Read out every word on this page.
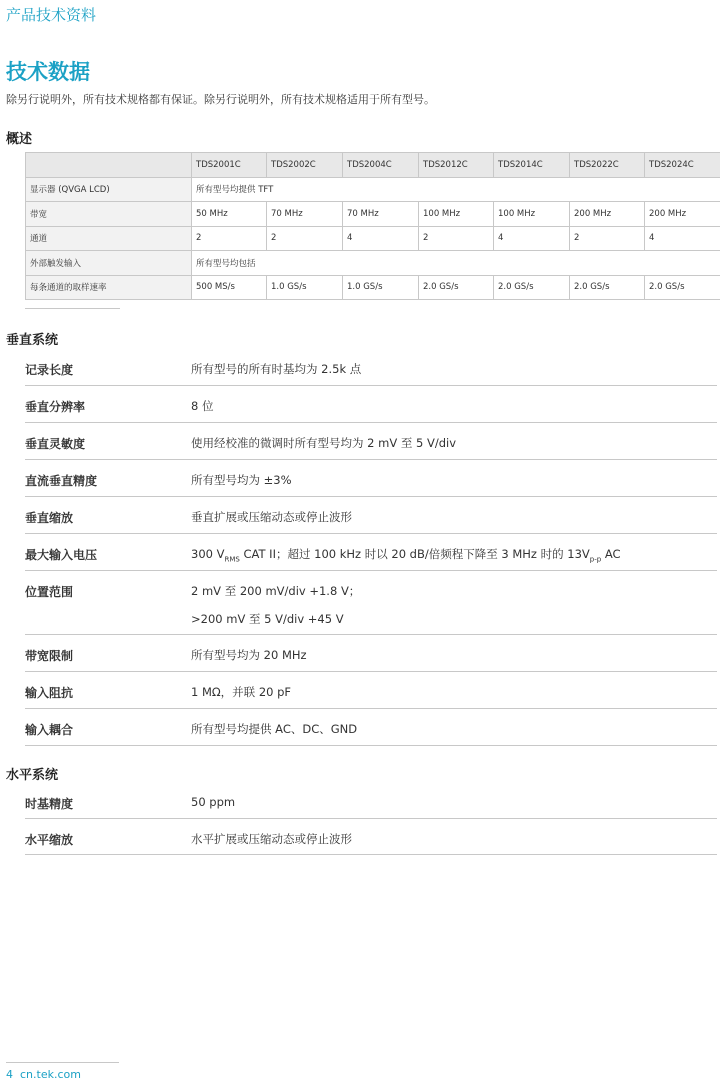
产品技术资料
技术数据

除另行说明外，所有技术规格都有保证。除另行说明外，所有技术规格适用于所有型号。

概述
	TDS2001C	TDS2002C	TDS2004C	TDS2012C	TDS2014C	TDS2022C	TDS2024C
显示器 (QVGA LCD)	所有型号均提供 TFT						
带宽	50 MHz	70 MHz	70 MHz	100 MHz	100 MHz	200 MHz	200 MHz
通道	2	2	4	2	4	2	4
外部触发输入	所有型号均包括						
每条通道的取样速率	500 MS/s	1.0 GS/s	1.0 GS/s	2.0 GS/s	2.0 GS/s	2.0 GS/s	2.0 GS/s
垂直系统
记录长度	所有型号的所有时基均为 2.5k 点
垂直分辨率	8 位
垂直灵敏度	使用经校准的微调时所有型号均为 2 mV 至 5 V/div
直流垂直精度	所有型号均为 ±3%
垂直缩放	垂直扩展或压缩动态或停止波形
最大输入电压	300 $V_{RMS}$ CAT II；超过 100 kHz 时以 20 dB/倍频程下降至 3 MHz 时的 $13V_{p-p}$ AC
位置范围	2 mV 至 200 mV/div +1.8 V；
>200 mV 至 5 V/div +45 V
带宽限制	所有型号均为 20 MHz
输入阻抗	1 MΩ，并联 20 pF
输入耦合	所有型号均提供 AC、DC、GND
水平系统
时基精度	50 ppm
水平缩放	水平扩展或压缩动态或停止波形
4 cn.tek.com
